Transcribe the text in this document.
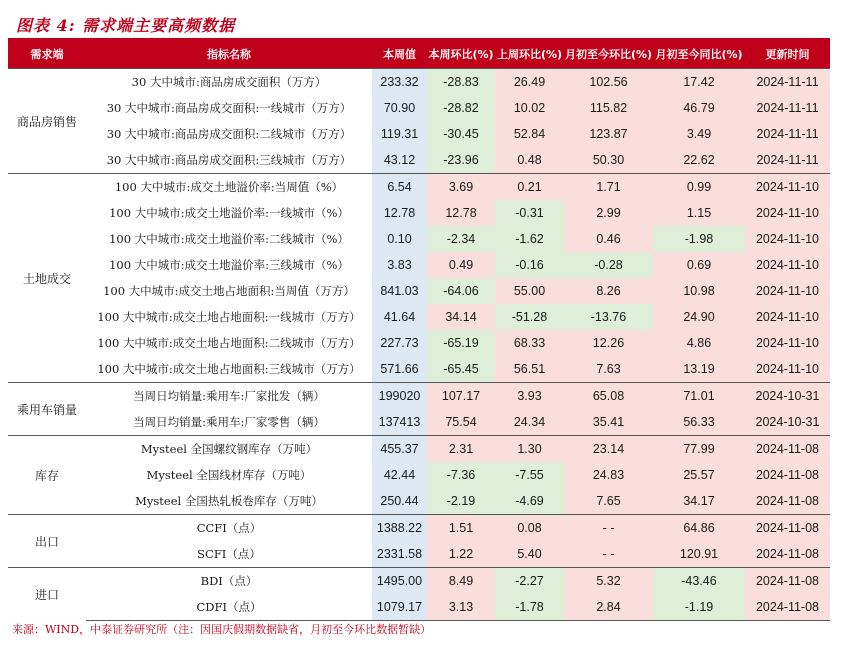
图表 4: 需求端主要高频数据
需求端	指标名称	本周值	本周环比(%)	上周环比(%)	月初至今环比(%)	月初至今同比(%)	更新时间
商品房销售	30 大中城市:商品房成交面积（万方）	233.32	-28.83	26.49	102.56	17.42	2024-11-11
	30 大中城市:商品房成交面积:一线城市（万方）	70.90	-28.82	10.02	115.82	46.79	2024-11-11
	30 大中城市:商品房成交面积:二线城市（万方）	119.31	-30.45	52.84	123.87	3.49	2024-11-11
	30 大中城市:商品房成交面积:三线城市（万方）	43.12	-23.96	0.48	50.30	22.62	2024-11-11
土地成交	100 大中城市:成交土地溢价率:当周值（%）	6.54	3.69	0.21	1.71	0.99	2024-11-10
	100 大中城市:成交土地溢价率:一线城市（%）	12.78	12.78	-0.31	2.99	1.15	2024-11-10
	100 大中城市:成交土地溢价率:二线城市（%）	0.10	-2.34	-1.62	0.46	-1.98	2024-11-10
	100 大中城市:成交土地溢价率:三线城市（%）	3.83	0.49	-0.16	-0.28	0.69	2024-11-10
	100 大中城市:成交土地占地面积:当周值（万方）	841.03	-64.06	55.00	8.26	10.98	2024-11-10
	100 大中城市:成交土地占地面积:一线城市（万方）	41.64	34.14	-51.28	-13.76	24.90	2024-11-10
	100 大中城市:成交土地占地面积:二线城市（万方）	227.73	-65.19	68.33	12.26	4.86	2024-11-10
	100 大中城市:成交土地占地面积:三线城市（万方）	571.66	-65.45	56.51	7.63	13.19	2024-11-10
乘用车销量	当周日均销量:乘用车:厂家批发（辆）	199020	107.17	3.93	65.08	71.01	2024-10-31
	当周日均销量:乘用车:厂家零售（辆）	137413	75.54	24.34	35.41	56.33	2024-10-31
库存	Mysteel 全国螺纹钢库存（万吨）	455.37	2.31	1.30	23.14	77.99	2024-11-08
	Mysteel 全国线材库存（万吨）	42.44	-7.36	-7.55	24.83	25.57	2024-11-08
	Mysteel 全国热轧板卷库存（万吨）	250.44	-2.19	-4.69	7.65	34.17	2024-11-08
出口	CCFI（点）	1388.22	1.51	0.08	- -	64.86	2024-11-08
	SCFI（点）	2331.58	1.22	5.40	- -	120.91	2024-11-08
进口	BDI（点）	1495.00	8.49	-2.27	5.32	-43.46	2024-11-08
	CDFI（点）	1079.17	3.13	-1.78	2.84	-1.19	2024-11-08
来源：WIND，中泰证券研究所（注：因国庆假期数据缺省，月初至今环比数据暂缺）
